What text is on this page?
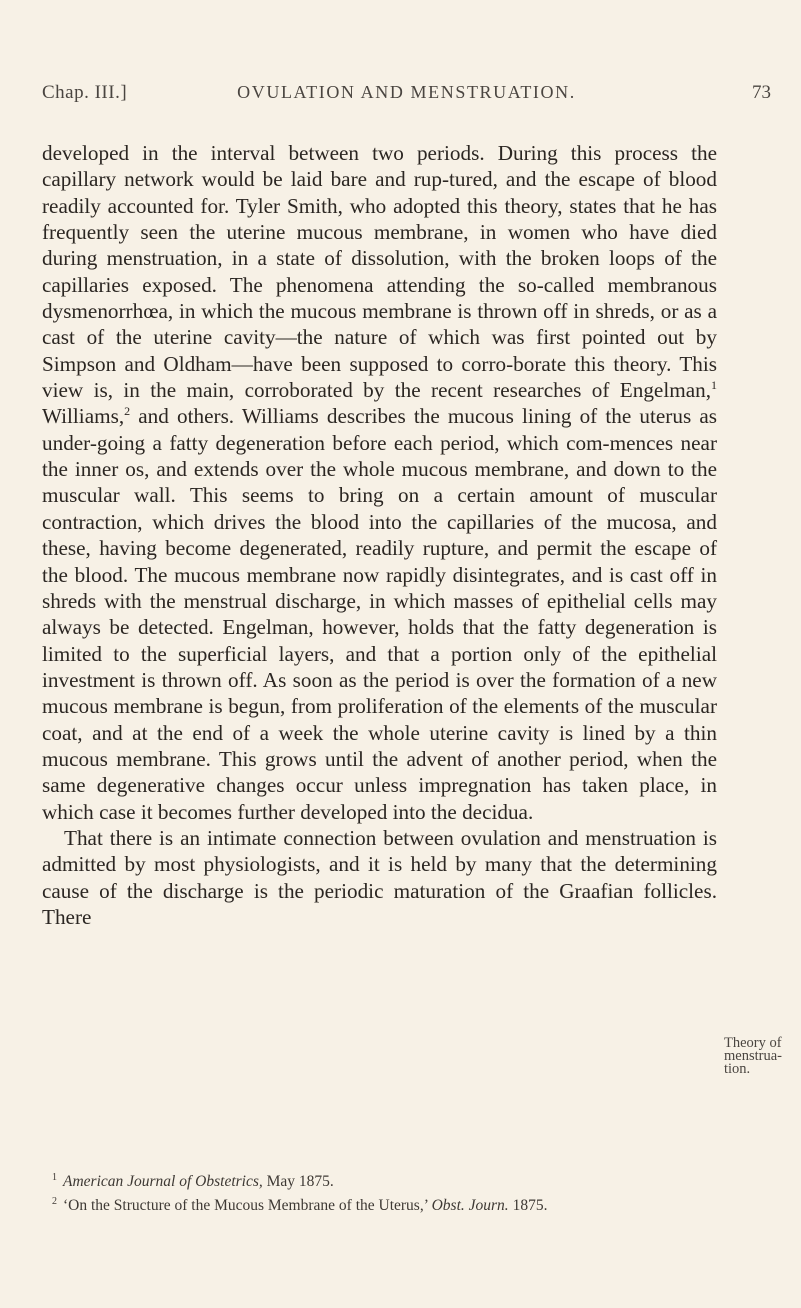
Chap. III.]	OVULATION AND MENSTRUATION.	73

developed in the interval between two periods. During this process the capillary network would be laid bare and rup-tured, and the escape of blood readily accounted for. Tyler Smith, who adopted this theory, states that he has frequently seen the uterine mucous membrane, in women who have died during menstruation, in a state of dissolution, with the broken loops of the capillaries exposed. The phenomena attending the so-called membranous dysmenorrhœa, in which the mucous membrane is thrown off in shreds, or as a cast of the uterine cavity—the nature of which was first pointed out by Simpson and Oldham—have been supposed to corro-borate this theory. This view is, in the main, corroborated by the recent researches of Engelman,$^1$ Williams,$^2$ and others. Williams describes the mucous lining of the uterus as under-going a fatty degeneration before each period, which com-mences near the inner os, and extends over the whole mucous membrane, and down to the muscular wall. This seems to bring on a certain amount of muscular contraction, which drives the blood into the capillaries of the mucosa, and these, having become degenerated, readily rupture, and permit the escape of the blood. The mucous membrane now rapidly disintegrates, and is cast off in shreds with the menstrual discharge, in which masses of epithelial cells may always be detected. Engelman, however, holds that the fatty degeneration is limited to the superficial layers, and that a portion only of the epithelial investment is thrown off. As soon as the period is over the formation of a new mucous membrane is begun, from proliferation of the elements of the muscular coat, and at the end of a week the whole uterine cavity is lined by a thin mucous membrane. This grows until the advent of another period, when the same degenerative changes occur unless impregnation has taken place, in which case it becomes further developed into the decidua.

That there is an intimate connection between ovulation and menstruation is admitted by most physiologists, and it is held by many that the determining cause of the discharge is the periodic maturation of the Graafian follicles. There

Theory of
menstrua-
tion.

$^1$ American Journal of Obstetrics, May 1875.

$^2$ ‘On the Structure of the Mucous Membrane of the Uterus,’ Obst. Journ. 1875.
